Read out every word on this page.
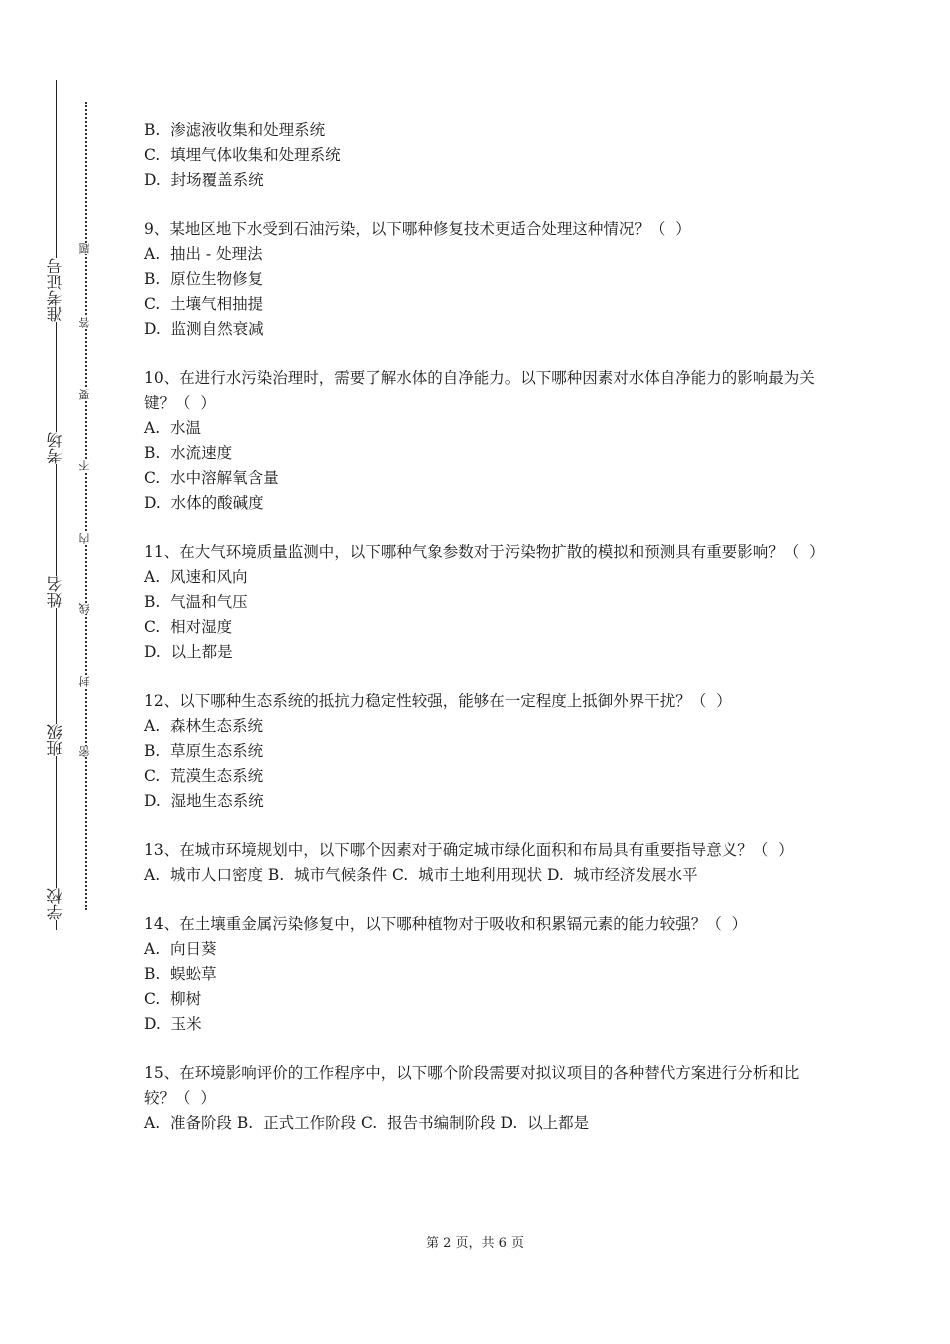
准考证号
考场
姓名
班级
学校
题
答
要
不
内
线
封
密
B.  渗滤液收集和处理系统
C.  填埋气体收集和处理系统
D.  封场覆盖系统
9、某地区地下水受到石油污染，以下哪种修复技术更适合处理这种情况？（  ）
A.  抽出 - 处理法
B.  原位生物修复
C.  土壤气相抽提
D.  监测自然衰减
10、在进行水污染治理时，需要了解水体的自净能力。以下哪种因素对水体自净能力的影响最为关键？（  ）
A.  水温
B.  水流速度
C.  水中溶解氧含量
D.  水体的酸碱度
11、在大气环境质量监测中，以下哪种气象参数对于污染物扩散的模拟和预测具有重要影响？（  ）
A.  风速和风向
B.  气温和气压
C.  相对湿度
D.  以上都是
12、以下哪种生态系统的抵抗力稳定性较强，能够在一定程度上抵御外界干扰？（  ）
A.  森林生态系统
B.  草原生态系统
C.  荒漠生态系统
D.  湿地生态系统
13、在城市环境规划中，以下哪个因素对于确定城市绿化面积和布局具有重要指导意义？（  ）
A.  城市人口密度 B.  城市气候条件 C.  城市土地利用现状 D.  城市经济发展水平
14、在土壤重金属污染修复中，以下哪种植物对于吸收和积累镉元素的能力较强？（  ）
A.  向日葵
B.  蜈蚣草
C.  柳树
D.  玉米
15、在环境影响评价的工作程序中，以下哪个阶段需要对拟议项目的各种替代方案进行分析和比较？（  ）
A.  准备阶段 B.  正式工作阶段 C.  报告书编制阶段 D.  以上都是
第 2 页，共 6 页
